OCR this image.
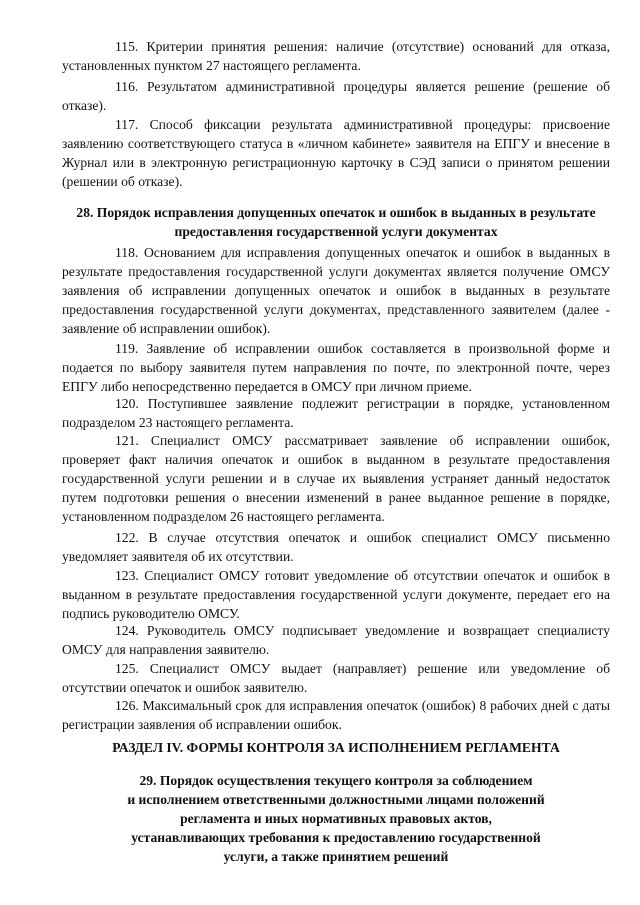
115. Критерии принятия решения: наличие (отсутствие) оснований для отказа, установленных пунктом 27 настоящего регламента.

116. Результатом административной процедуры является решение (решение об отказе).

117. Способ фиксации результата административной процедуры: присвоение заявлению соответствующего статуса в «личном кабинете» заявителя на ЕПГУ и внесение в Журнал или в электронную регистрационную карточку в СЭД записи о принятом решении (решении об отказе).

28. Порядок исправления допущенных опечаток и ошибок в выданных в результате предоставления государственной услуги документах

118. Основанием для исправления допущенных опечаток и ошибок в выданных в результате предоставления государственной услуги документах является получение ОМСУ заявления об исправлении допущенных опечаток и ошибок в выданных в результате предоставления государственной услуги документах, представленного заявителем (далее - заявление об исправлении ошибок).

119. Заявление об исправлении ошибок составляется в произвольной форме и подается по выбору заявителя путем направления по почте, по электронной почте, через ЕПГУ либо непосредственно передается в ОМСУ при личном приеме.

120. Поступившее заявление подлежит регистрации в порядке, установленном подразделом 23 настоящего регламента.

121. Специалист ОМСУ рассматривает заявление об исправлении ошибок, проверяет факт наличия опечаток и ошибок в выданном в результате предоставления государственной услуги решении и в случае их выявления устраняет данный недостаток путем подготовки решения о внесении изменений в ранее выданное решение в порядке, установленном подразделом 26 настоящего регламента.

122. В случае отсутствия опечаток и ошибок специалист ОМСУ письменно уведомляет заявителя об их отсутствии.

123. Специалист ОМСУ готовит уведомление об отсутствии опечаток и ошибок в выданном в результате предоставления государственной услуги документе, передает его на подпись руководителю ОМСУ.

124. Руководитель ОМСУ подписывает уведомление и возвращает специалисту ОМСУ для направления заявителю.

125. Специалист ОМСУ выдает (направляет) решение или уведомление об отсутствии опечаток и ошибок заявителю.

126. Максимальный срок для исправления опечаток (ошибок) 8 рабочих дней с даты регистрации заявления об исправлении ошибок.

РАЗДЕЛ IV. ФОРМЫ КОНТРОЛЯ ЗА ИСПОЛНЕНИЕМ РЕГЛАМЕНТА

29. Порядок осуществления текущего контроля за соблюдением
и исполнением ответственными должностными лицами положений
регламента и иных нормативных правовых актов,
устанавливающих требования к предоставлению государственной
услуги, а также принятием решений
